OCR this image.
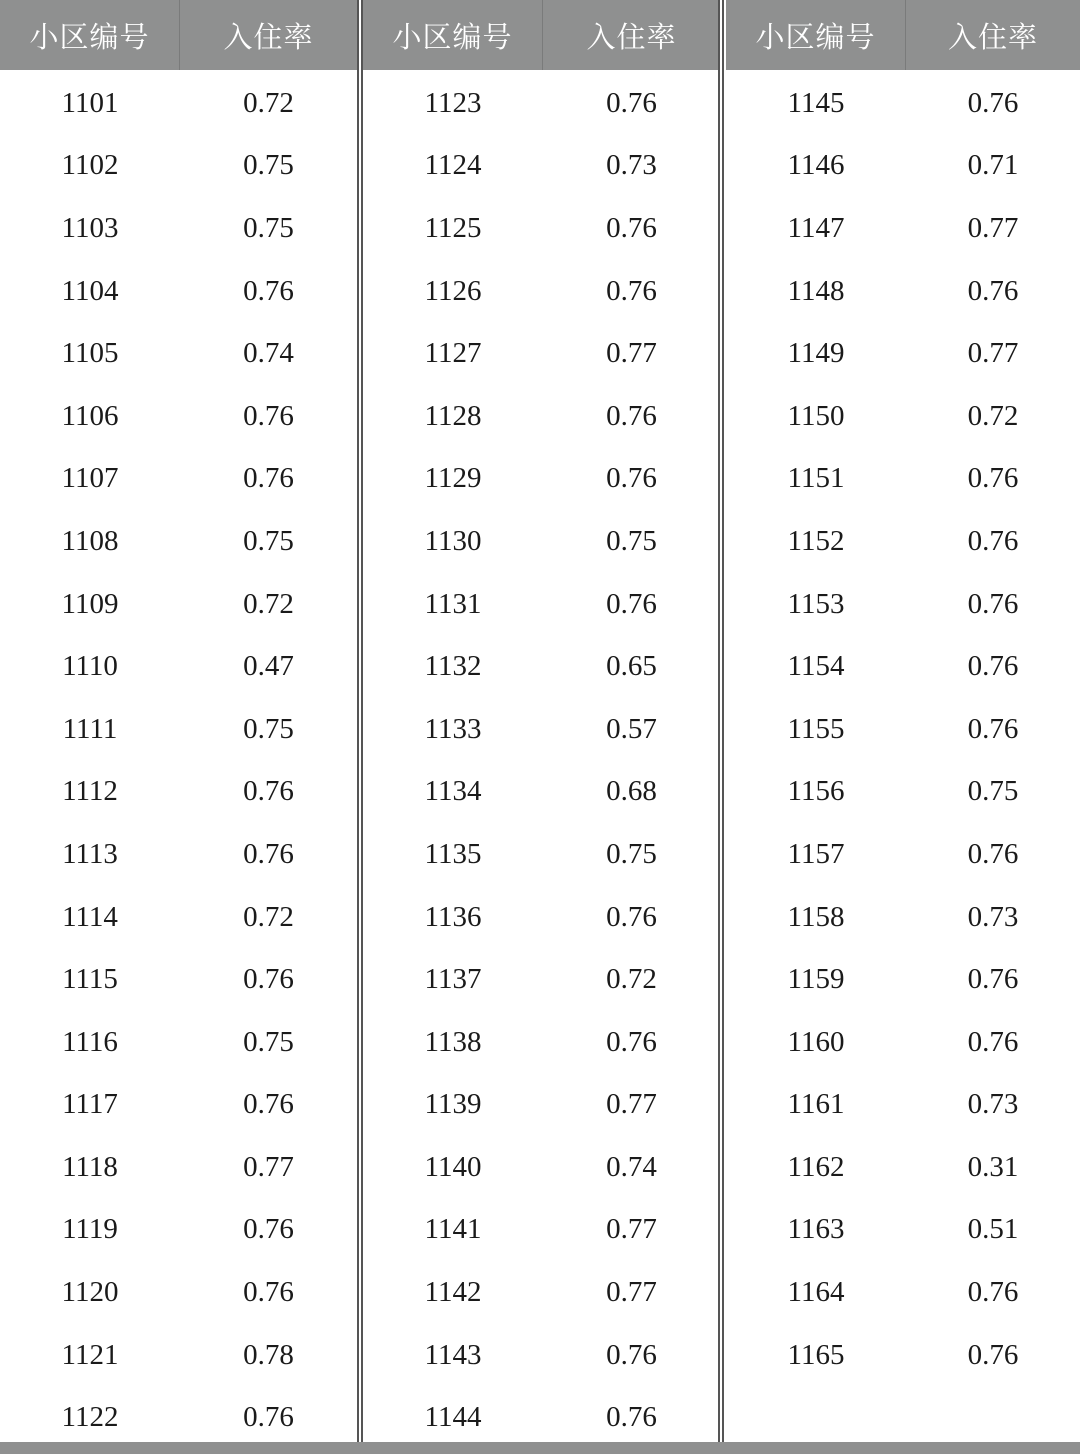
小区编号	入住率
1101	0.72
1102	0.75
1103	0.75
1104	0.76
1105	0.74
1106	0.76
1107	0.76
1108	0.75
1109	0.72
1110	0.47
1111	0.75
1112	0.76
1113	0.76
1114	0.72
1115	0.76
1116	0.75
1117	0.76
1118	0.77
1119	0.76
1120	0.76
1121	0.78
1122	0.76
小区编号	入住率
1123	0.76
1124	0.73
1125	0.76
1126	0.76
1127	0.77
1128	0.76
1129	0.76
1130	0.75
1131	0.76
1132	0.65
1133	0.57
1134	0.68
1135	0.75
1136	0.76
1137	0.72
1138	0.76
1139	0.77
1140	0.74
1141	0.77
1142	0.77
1143	0.76
1144	0.76
小区编号	入住率
1145	0.76
1146	0.71
1147	0.77
1148	0.76
1149	0.77
1150	0.72
1151	0.76
1152	0.76
1153	0.76
1154	0.76
1155	0.76
1156	0.75
1157	0.76
1158	0.73
1159	0.76
1160	0.76
1161	0.73
1162	0.31
1163	0.51
1164	0.76
1165	0.76
